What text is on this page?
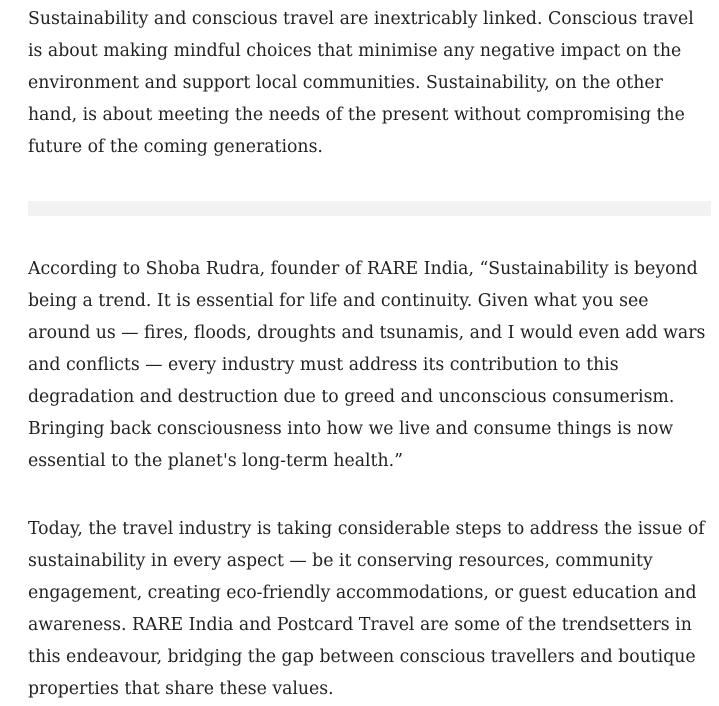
Sustainability and conscious travel are inextricably linked. Conscious travel is about making mindful choices that minimise any negative impact on the environment and support local communities. Sustainability, on the other hand, is about meeting the needs of the present without compromising the future of the coming generations.

According to Shoba Rudra, founder of RARE India, “Sustainability is beyond being a trend. It is essential for life and continuity. Given what you see around us — fires, floods, droughts and tsunamis, and I would even add wars and conflicts — every industry must address its contribution to this degradation and destruction due to greed and unconscious consumerism. Bringing back consciousness into how we live and consume things is now essential to the planet's long-term health.”

Today, the travel industry is taking considerable steps to address the issue of sustainability in every aspect — be it conserving resources, community engagement, creating eco-friendly accommodations, or guest education and awareness. RARE India and Postcard Travel are some of the trendsetters in this endeavour, bridging the gap between conscious travellers and boutique properties that share these values.
